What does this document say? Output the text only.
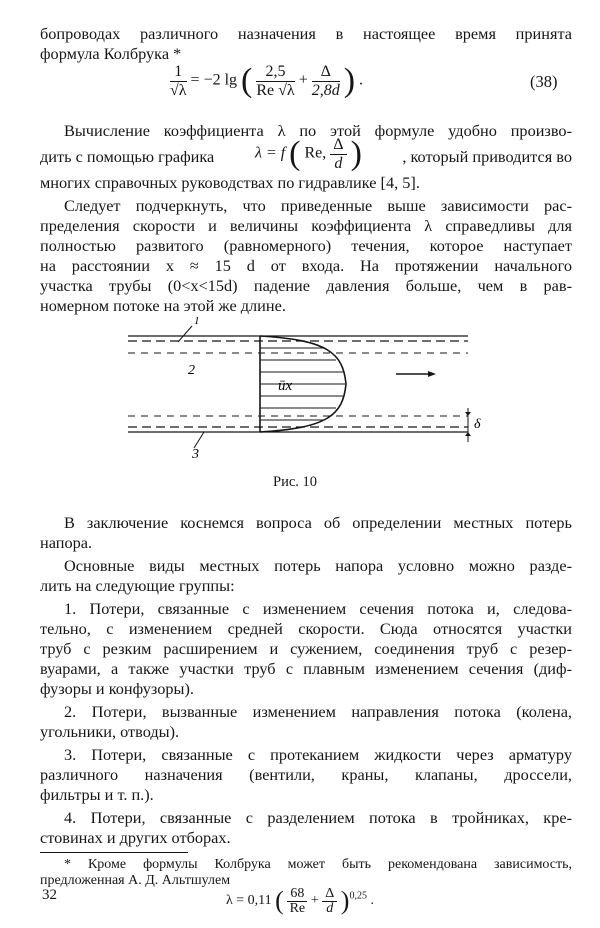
бопроводах различного назначения в настоящее время принята
формула Колбрука *
$\frac{1}{√\lambda} = -2$ lg ( $\frac{2,5}{Re √\lambda} + \frac{\Delta}{2,8d}$ ) .	(38)
Вычисление коэффициента λ по этой формуле удобно произво-
дить с помощью графика	λ = f ( Re, $\frac{\Delta}{d}$ )	, который приводится во
многих справочных руководствах по гидравлике [4, 5].
Следует подчеркнуть, что приведенные выше зависимости рас-
пределения скорости и величины коэффициента λ справедливы для
полностью развитого (равномерного) течения, которое наступает
на расстоянии x ≈ 15 d от входа. На протяжении начального
участка трубы (0<x<15d) падение давления больше, чем в рав-
номерном потоке на этой же длине.
1
2
3
ūx
δ
Рис. 10
В заключение коснемся вопроса об определении местных потерь
напора.
Основные виды местных потерь напора условно можно разде-
лить на следующие группы:
1. Потери, связанные с изменением сечения потока и, следова-
тельно, с изменением средней скорости. Сюда относятся участки
труб с резким расширением и сужением, соединения труб с резер-
вуарами, а также участки труб с плавным изменением сечения (диф-
фузоры и конфузоры).
2. Потери, вызванные изменением направления потока (колена,
угольники, отводы).
3. Потери, связанные с протеканием жидкости через арматуру
различного назначения (вентили, краны, клапаны, дроссели,
фильтры и т. п.).
4. Потери, связанные с разделением потока в тройниках, кре-
стовинах и других отборах.
* Кроме формулы Колбрука может быть рекомендована зависимость,
предложенная А. Д. Альтшулем
λ = 0,11 ( $\frac{68}{Re} + \frac{\Delta}{d} )^{0,25}$ .
32
